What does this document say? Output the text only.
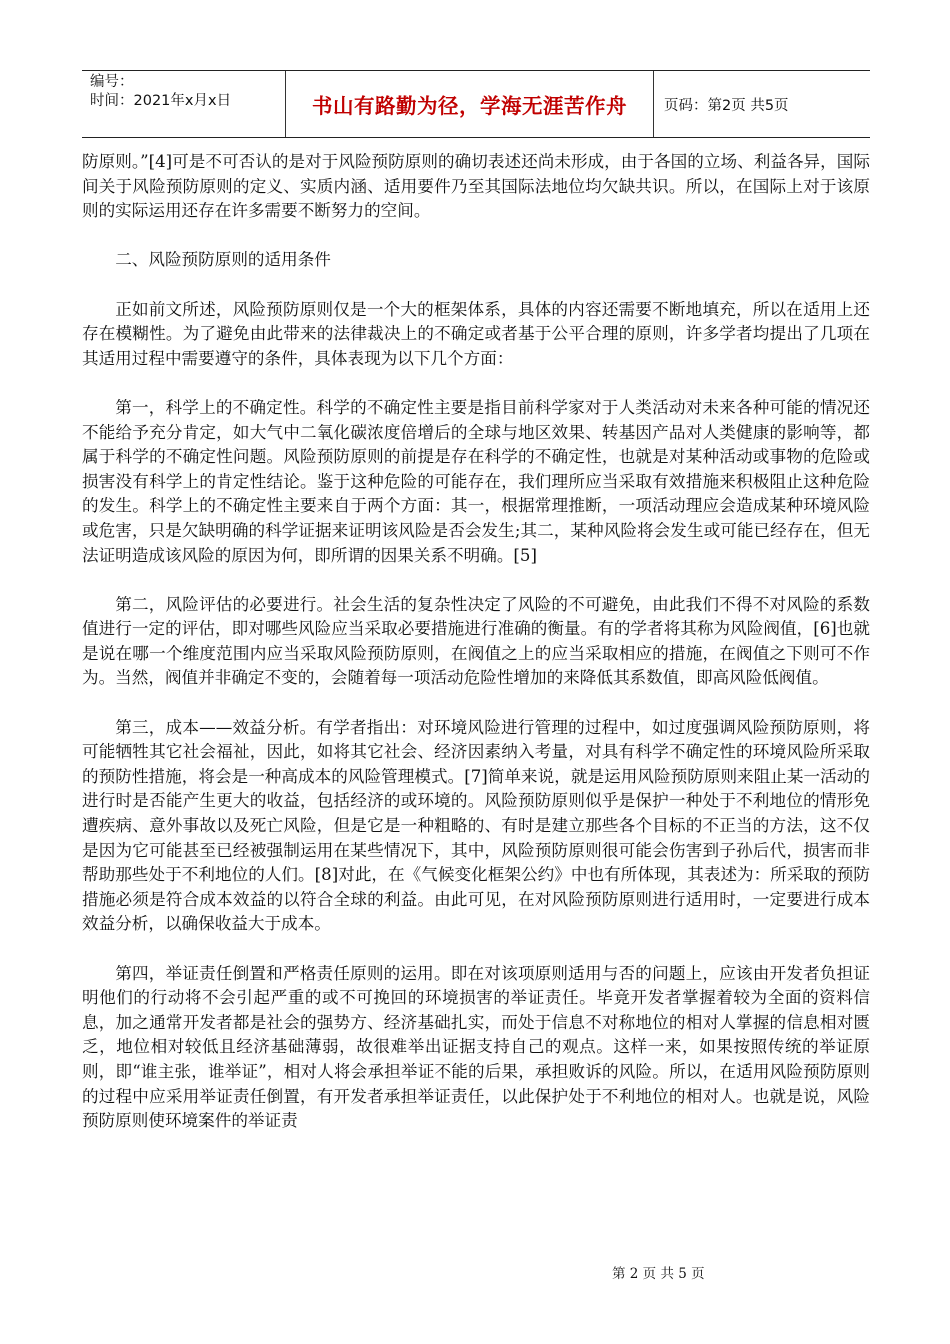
编号：
时间：2021年x月x日	书山有路勤为径，学海无涯苦作舟	页码：第2页 共5页

防原则。”[4]可是不可否认的是对于风险预防原则的确切表述还尚未形成，由于各国的立场、利益各异，国际间关于风险预防原则的定义、实质内涵、适用要件乃至其国际法地位均欠缺共识。所以，在国际上对于该原则的实际运用还存在许多需要不断努力的空间。

二、风险预防原则的适用条件

正如前文所述，风险预防原则仅是一个大的框架体系，具体的内容还需要不断地填充，所以在适用上还存在模糊性。为了避免由此带来的法律裁决上的不确定或者基于公平合理的原则，许多学者均提出了几项在其适用过程中需要遵守的条件，具体表现为以下几个方面：

第一，科学上的不确定性。科学的不确定性主要是指目前科学家对于人类活动对未来各种可能的情况还不能给予充分肯定，如大气中二氧化碳浓度倍增后的全球与地区效果、转基因产品对人类健康的影响等，都属于科学的不确定性问题。风险预防原则的前提是存在科学的不确定性，也就是对某种活动或事物的危险或损害没有科学上的肯定性结论。鉴于这种危险的可能存在，我们理所应当采取有效措施来积极阻止这种危险的发生。科学上的不确定性主要来自于两个方面：其一，根据常理推断，一项活动理应会造成某种环境风险或危害，只是欠缺明确的科学证据来证明该风险是否会发生;其二，某种风险将会发生或可能已经存在，但无法证明造成该风险的原因为何，即所谓的因果关系不明确。[5]

第二，风险评估的必要进行。社会生活的复杂性决定了风险的不可避免，由此我们不得不对风险的系数值进行一定的评估，即对哪些风险应当采取必要措施进行准确的衡量。有的学者将其称为风险阀值，[6]也就是说在哪一个维度范围内应当采取风险预防原则，在阀值之上的应当采取相应的措施，在阀值之下则可不作为。当然，阀值并非确定不变的，会随着每一项活动危险性增加的来降低其系数值，即高风险低阀值。

第三，成本——效益分析。有学者指出：对环境风险进行管理的过程中，如过度强调风险预防原则，将可能牺牲其它社会福祉，因此，如将其它社会、经济因素纳入考量，对具有科学不确定性的环境风险所采取的预防性措施，将会是一种高成本的风险管理模式。[7]简单来说，就是运用风险预防原则来阻止某一活动的进行时是否能产生更大的收益，包括经济的或环境的。风险预防原则似乎是保护一种处于不利地位的情形免遭疾病、意外事故以及死亡风险，但是它是一种粗略的、有时是建立那些各个目标的不正当的方法，这不仅是因为它可能甚至已经被强制运用在某些情况下，其中，风险预防原则很可能会伤害到子孙后代，损害而非帮助那些处于不利地位的人们。[8]对此，在《气候变化框架公约》中也有所体现，其表述为：所采取的预防措施必须是符合成本效益的以符合全球的利益。由此可见，在对风险预防原则进行适用时，一定要进行成本效益分析，以确保收益大于成本。

第四，举证责任倒置和严格责任原则的运用。即在对该项原则适用与否的问题上，应该由开发者负担证明他们的行动将不会引起严重的或不可挽回的环境损害的举证责任。毕竟开发者掌握着较为全面的资料信息，加之通常开发者都是社会的强势方、经济基础扎实，而处于信息不对称地位的相对人掌握的信息相对匮乏，地位相对较低且经济基础薄弱，故很难举出证据支持自己的观点。这样一来，如果按照传统的举证原则，即“谁主张，谁举证”，相对人将会承担举证不能的后果，承担败诉的风险。所以，在适用风险预防原则的过程中应采用举证责任倒置，有开发者承担举证责任，以此保护处于不利地位的相对人。也就是说，风险预防原则使环境案件的举证责

第 2 页 共 5 页
